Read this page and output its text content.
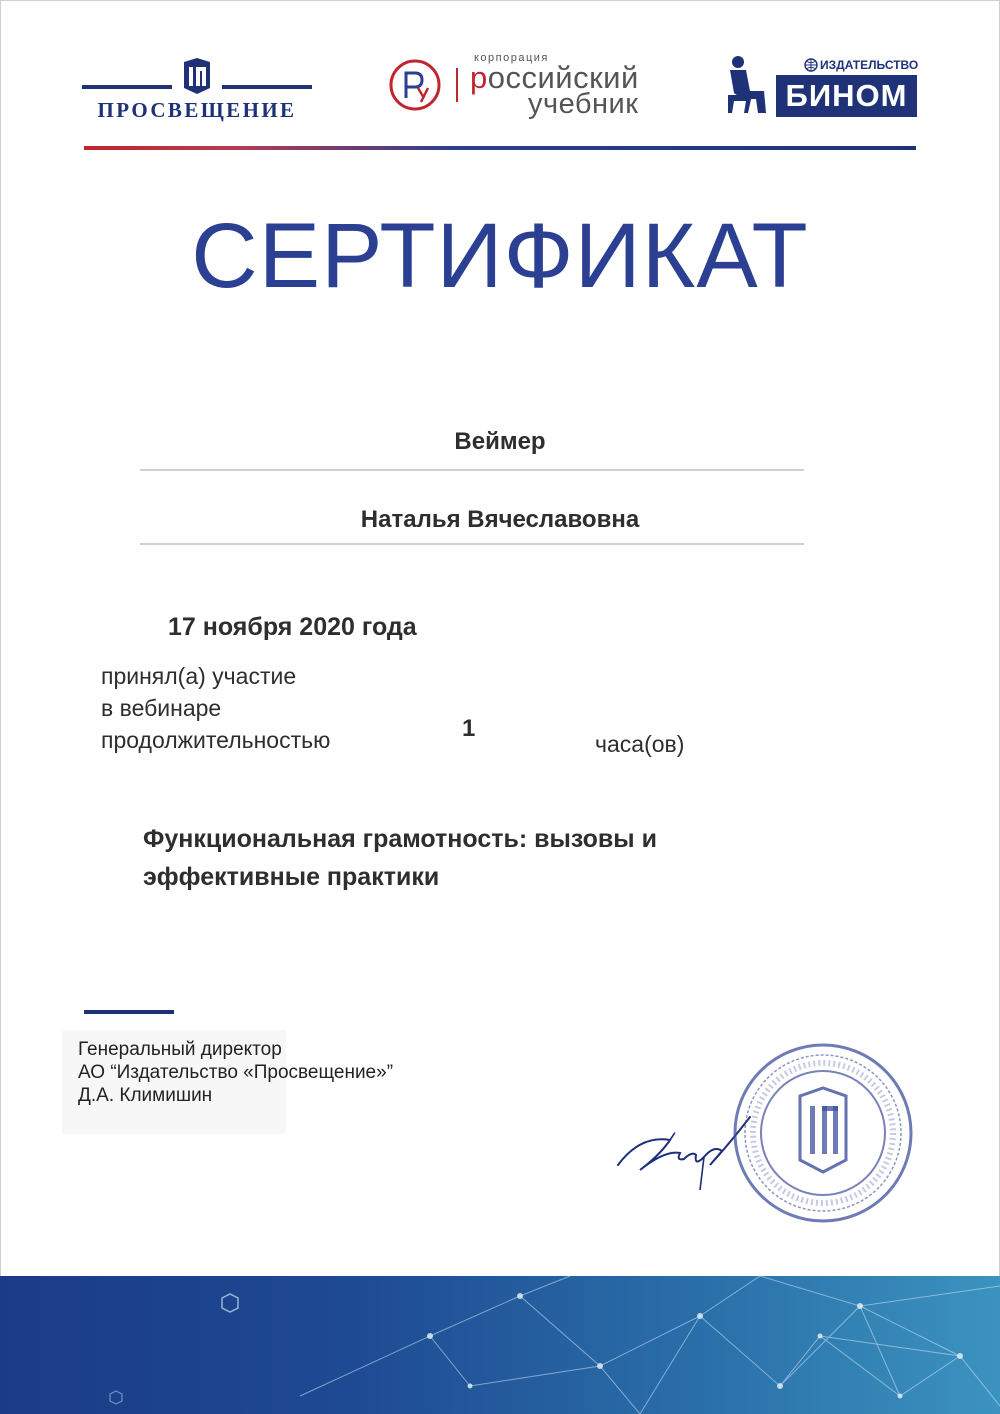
ПРОСВЕЩЕНИЕ
корпорация
российский
учебник
ИЗДАТЕЛЬСТВО
БИНОМ
СЕРТИФИКАТ
Веймер
Наталья Вячеславовна
17 ноября 2020 года
принял(а) участие
в вебинаре
продолжительностью	1
часа(ов)
Функциональная грамотность: вызовы и
эффективные практики
Генеральный директор
АО “Издательство «Просвещение»”
Д.А. Климишин
